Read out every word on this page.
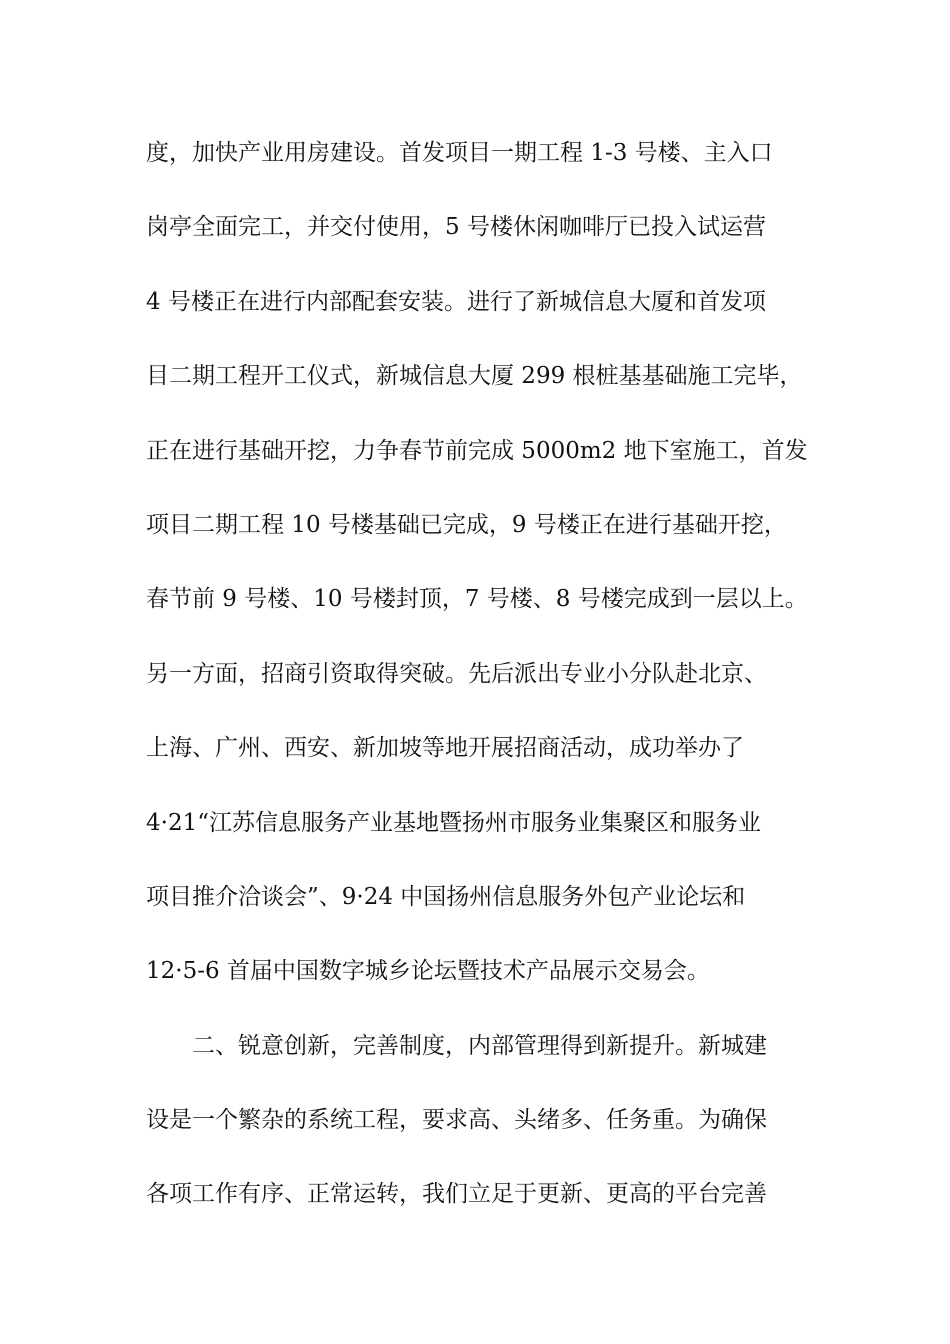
度，加快产业用房建设。首发项目一期工程 1-3 号楼、主入口
岗亭全面完工，并交付使用，5 号楼休闲咖啡厅已投入试运营
4 号楼正在进行内部配套安装。进行了新城信息大厦和首发项
目二期工程开工仪式，新城信息大厦 299 根桩基基础施工完毕，
正在进行基础开挖，力争春节前完成 5000m2 地下室施工，首发
项目二期工程 10 号楼基础已完成，9 号楼正在进行基础开挖，
春节前 9 号楼、10 号楼封顶，7 号楼、8 号楼完成到一层以上。
另一方面，招商引资取得突破。先后派出专业小分队赴北京、
上海、广州、西安、新加坡等地开展招商活动，成功举办了
4·21“江苏信息服务产业基地暨扬州市服务业集聚区和服务业
项目推介洽谈会”、9·24 中国扬州信息服务外包产业论坛和
12·5-6 首届中国数字城乡论坛暨技术产品展示交易会。
二、锐意创新，完善制度，内部管理得到新提升。新城建
设是一个繁杂的系统工程，要求高、头绪多、任务重。为确保
各项工作有序、正常运转，我们立足于更新、更高的平台完善
